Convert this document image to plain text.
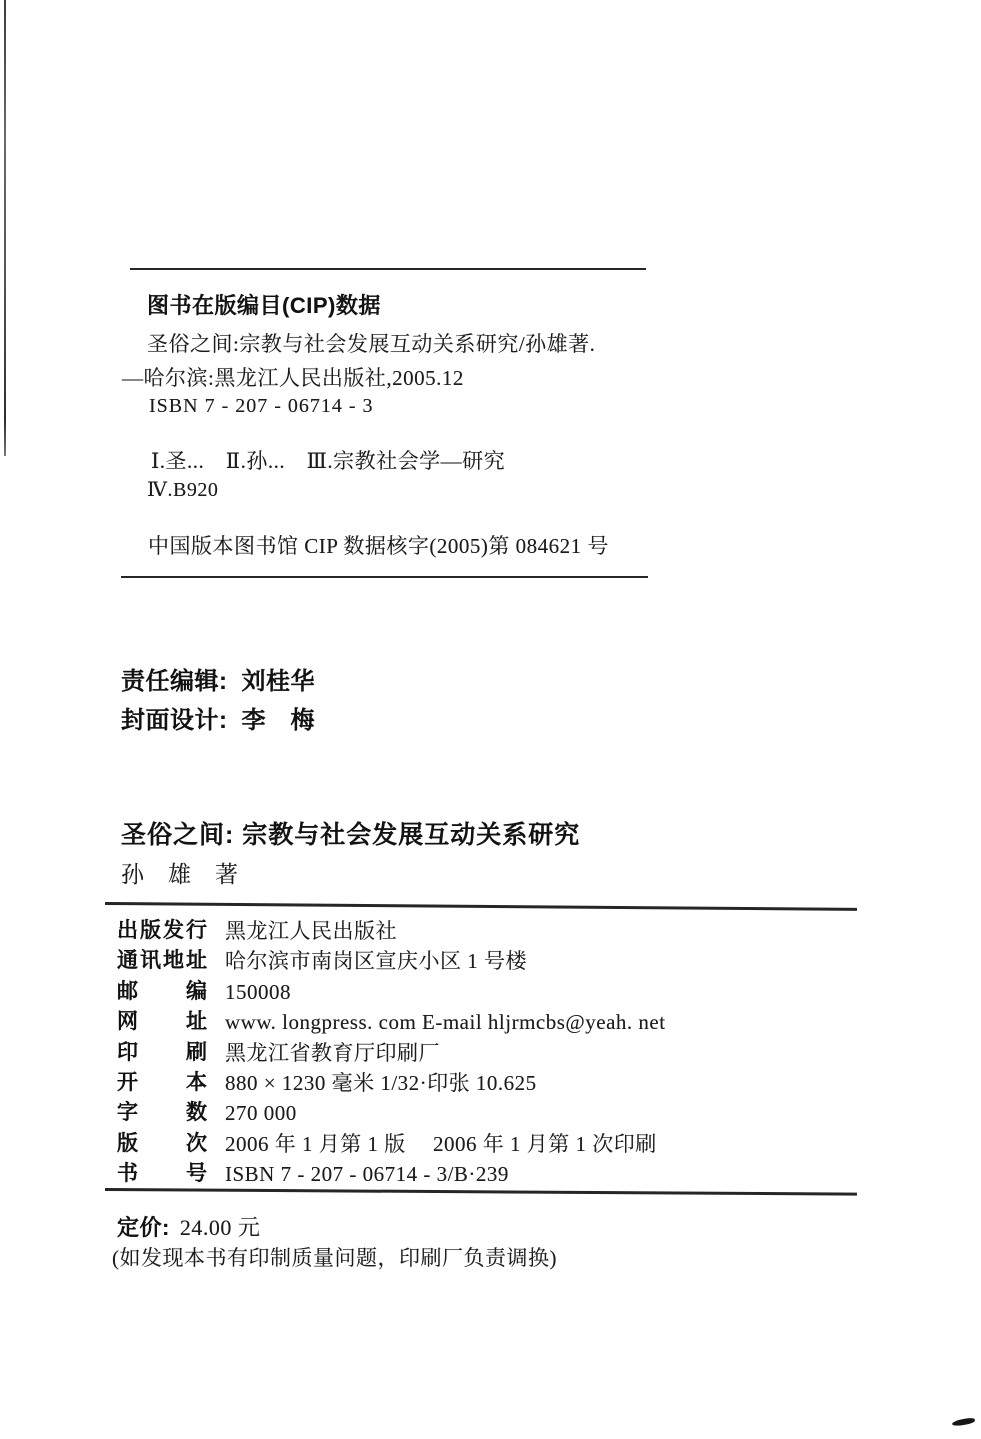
图书在版编目(CIP)数据
圣俗之间:宗教与社会发展互动关系研究/孙雄著.
—哈尔滨:黑龙江人民出版社,2005.12
ISBN 7 - 207 - 06714 - 3
Ⅰ.圣...　Ⅱ.孙...　Ⅲ.宗教社会学—研究
Ⅳ.B920
中国版本图书馆 CIP 数据核字(2005)第 084621 号
责任编辑: 刘桂华
封面设计: 李　梅
圣俗之间: 宗教与社会发展互动关系研究
孙　雄　著
出版发行 黑龙江人民出版社
通讯地址 哈尔滨市南岗区宣庆小区 1 号楼
邮编 150008
网址 www. longpress. com E-mail hljrmcbs@yeah. net
印刷 黑龙江省教育厅印刷厂
开本 880 × 1230 毫米 1/32·印张 10.625
字数 270 000
版次 2006 年 1 月第 1 版　 2006 年 1 月第 1 次印刷
书号 ISBN 7 - 207 - 06714 - 3/B·239
定价: 24.00 元
(如发现本书有印制质量问题，印刷厂负责调换)
